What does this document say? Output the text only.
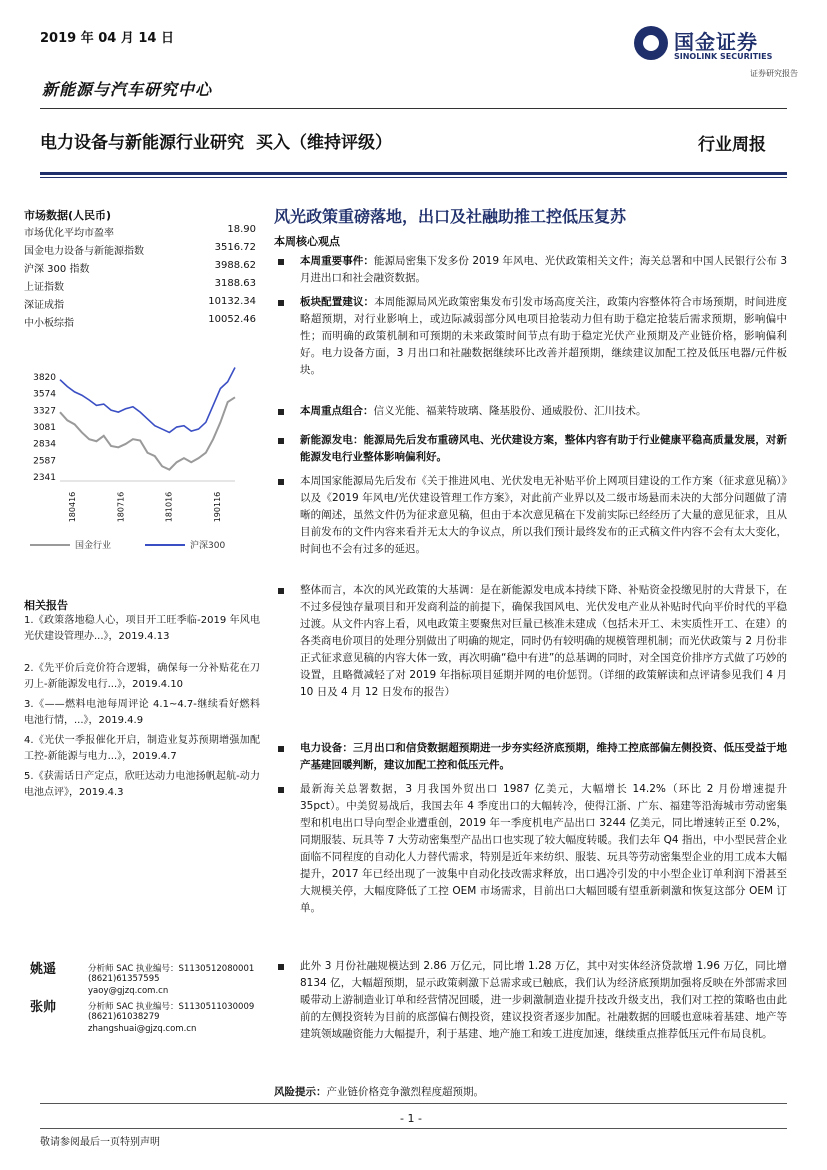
2019 年 04 月 14 日
新能源与汽车研究中心
国金证券
SINOLINK SECURITIES
证券研究报告
电力设备与新能源行业研究 买入（维持评级）	行业周报
市场数据(人民币)
市场优化平均市盈率	18.90
国金电力设备与新能源指数	3516.72
沪深 300 指数	3988.62
上证指数	3188.63
深证成指	10132.34
中小板综指	10052.46
3820
3574
3327
3081
2834
2587
2341
180416	180716	181016	190116
国金行业	沪深300
相关报告
1.《政策落地稳人心，项目开工旺季临-2019 年风电光伏建设管理办...》，2019.4.13
2.《先平价后竞价符合逻辑，确保每一分补贴花在刀刃上-新能源发电行...》，2019.4.10
3.《——燃料电池每周评论 4.1~4.7-继续看好燃料电池行情，...》，2019.4.9
4.《光伏一季报催化开启，制造业复苏预期增强加配工控-新能源与电力...》，2019.4.7
5.《获需话日产定点，欣旺达动力电池扬帆起航-动力电池点评》，2019.4.3
姚遥	分析师 SAC 执业编号：S1130512080001
(8621)61357595
yaoy@gjzq.com.cn
张帅	分析师 SAC 执业编号：S1130511030009
(8621)61038279
zhangshuai@gjzq.com.cn
风光政策重磅落地，出口及社融助推工控低压复苏
本周核心观点
本周重要事件：能源局密集下发多份 2019 年风电、光伏政策相关文件；海关总署和中国人民银行公布 3 月进出口和社会融资数据。
板块配置建议：本周能源局风光政策密集发布引发市场高度关注，政策内容整体符合市场预期，时间进度略超预期，对行业影响上，或边际减弱部分风电项目抢装动力但有助于稳定抢装后需求预期，影响偏中性；而明确的政策机制和可预期的未来政策时间节点有助于稳定光伏产业预期及产业链价格，影响偏利好。电力设备方面，3 月出口和社融数据继续环比改善并超预期，继续建议加配工控及低压电器/元件板块。
本周重点组合：信义光能、福莱特玻璃、隆基股份、通威股份、汇川技术。
新能源发电：能源局先后发布重磅风电、光伏建设方案，整体内容有助于行业健康平稳高质量发展，对新能源发电行业整体影响偏利好。
本周国家能源局先后发布《关于推进风电、光伏发电无补贴平价上网项目建设的工作方案（征求意见稿）》以及《2019 年风电/光伏建设管理工作方案》，对此前产业界以及二级市场悬而未决的大部分问题做了清晰的阐述，虽然文件仍为征求意见稿，但由于本次意见稿在下发前实际已经经历了大量的意见征求，且从目前发布的文件内容来看并无太大的争议点，所以我们预计最终发布的正式稿文件内容不会有太大变化，时间也不会有过多的延迟。
整体而言，本次的风光政策的大基调：是在新能源发电成本持续下降、补贴资金投缴见肘的大背景下，在不过多侵蚀存量项目和开发商利益的前提下，确保我国风电、光伏发电产业从补贴时代向平价时代的平稳过渡。从文件内容上看，风电政策主要聚焦对巨量已核准未建成（包括未开工、未实质性开工、在建）的各类商电价项目的处理分别做出了明确的规定，同时仍有较明确的规模管理机制；而光伏政策与 2 月份非正式征求意见稿的内容大体一致，再次明确“稳中有进”的总基调的同时，对全国竞价排序方式做了巧妙的设置，且略微减轻了对 2019 年指标项目延期并网的电价惩罚。（详细的政策解读和点评请参见我们 4 月 10 日及 4 月 12 日发布的报告）
电力设备：三月出口和信贷数据超预期进一步夯实经济底预期，维持工控底部偏左侧投资、低压受益于地产基建回暖判断，建议加配工控和低压元件。
最新海关总署数据，3 月我国外贸出口 1987 亿美元，大幅增长 14.2%（环比 2 月份增速提升 35pct）。中美贸易战后，我国去年 4 季度出口的大幅转冷，使得江浙、广东、福建等沿海城市劳动密集型和机电出口导向型企业遭重创，2019 年一季度机电产品出口 3244 亿美元，同比增速转正至 0.2%，同期服装、玩具等 7 大劳动密集型产品出口也实现了较大幅度转暖。我们去年 Q4 指出，中小型民营企业面临不同程度的自动化人力替代需求，特别是近年来纺织、服装、玩具等劳动密集型企业的用工成本大幅提升，2017 年已经出现了一波集中自动化技改需求释放，出口遇冷引发的中小型企业订单利润下滑甚至大规模关停，大幅度降低了工控 OEM 市场需求，目前出口大幅回暖有望重新刺激和恢复这部分 OEM 订单。
此外 3 月份社融规模达到 2.86 万亿元，同比增 1.28 万亿，其中对实体经济贷款增 1.96 万亿，同比增 8134 亿，大幅超预期，显示政策刺激下总需求或已触底，我们认为经济底预期加强将反映在外部需求回暖带动上游制造业订单和经营情况回暖，进一步刺激制造业提升技改升级支出，我们对工控的策略也由此前的左侧投资转为目前的底部偏右侧投资，建议投资者逐步加配。社融数据的回暖也意味着基建、地产等建筑领域融资能力大幅提升，利于基建、地产施工和竣工进度加速，继续重点推荐低压元件布局良机。
风险提示：产业链价格竞争激烈程度超预期。
- 1 -
敬请参阅最后一页特别声明
